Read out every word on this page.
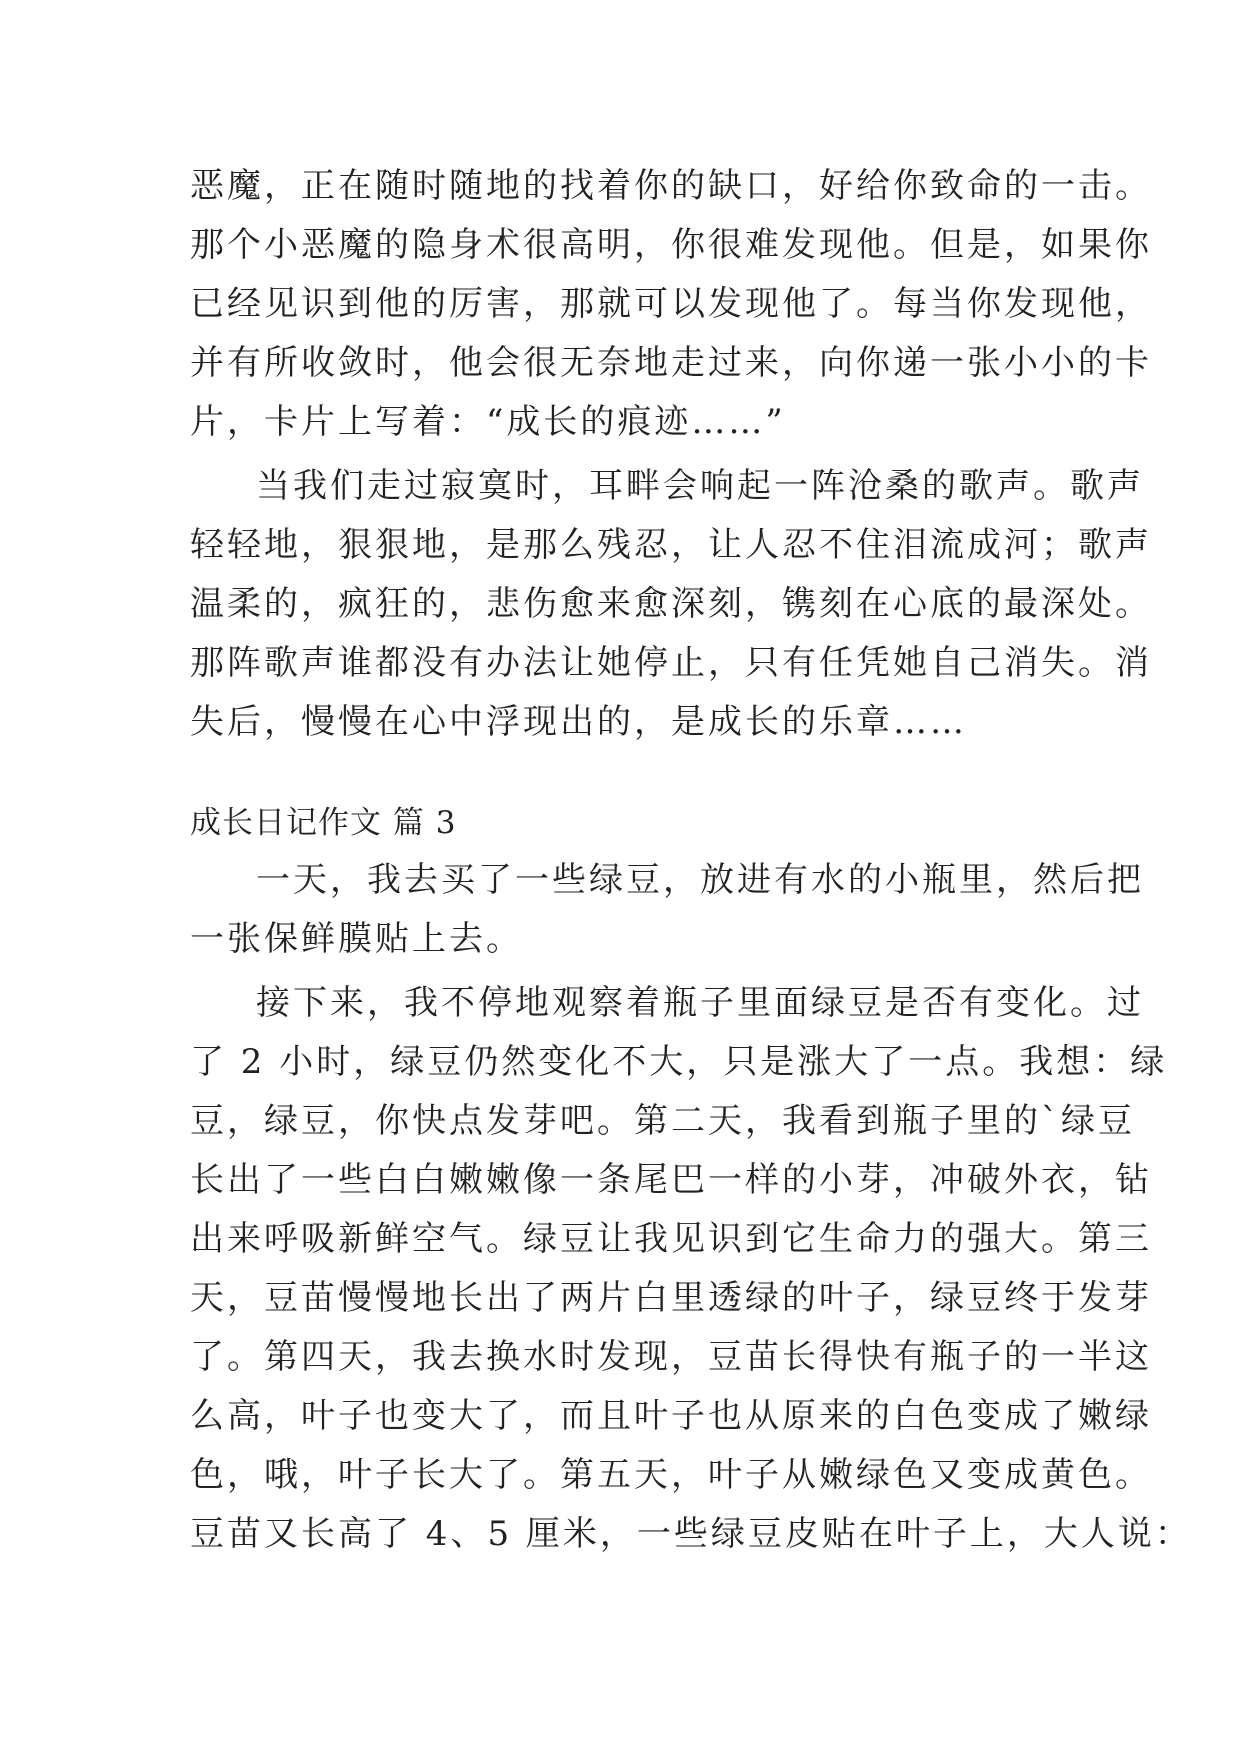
恶魔，正在随时随地的找着你的缺口，好给你致命的一击。
那个小恶魔的隐身术很高明，你很难发现他。但是，如果你
已经见识到他的厉害，那就可以发现他了。每当你发现他，
并有所收敛时，他会很无奈地走过来，向你递一张小小的卡
片，卡片上写着：“成长的痕迹……”
当我们走过寂寞时，耳畔会响起一阵沧桑的歌声。歌声
轻轻地，狠狠地，是那么残忍，让人忍不住泪流成河；歌声
温柔的，疯狂的，悲伤愈来愈深刻，镌刻在心底的最深处。
那阵歌声谁都没有办法让她停止，只有任凭她自己消失。消
失后，慢慢在心中浮现出的，是成长的乐章……
成长日记作文 篇 3
一天，我去买了一些绿豆，放进有水的小瓶里，然后把
一张保鲜膜贴上去。
接下来，我不停地观察着瓶子里面绿豆是否有变化。过
了 2 小时，绿豆仍然变化不大，只是涨大了一点。我想：绿
豆，绿豆，你快点发芽吧。第二天，我看到瓶子里的`绿豆
长出了一些白白嫩嫩像一条尾巴一样的小芽，冲破外衣，钻
出来呼吸新鲜空气。绿豆让我见识到它生命力的强大。第三
天，豆苗慢慢地长出了两片白里透绿的叶子，绿豆终于发芽
了。第四天，我去换水时发现，豆苗长得快有瓶子的一半这
么高，叶子也变大了，而且叶子也从原来的白色变成了嫩绿
色，哦，叶子长大了。第五天，叶子从嫩绿色又变成黄色。
豆苗又长高了 4、5 厘米，一些绿豆皮贴在叶子上，大人说：
